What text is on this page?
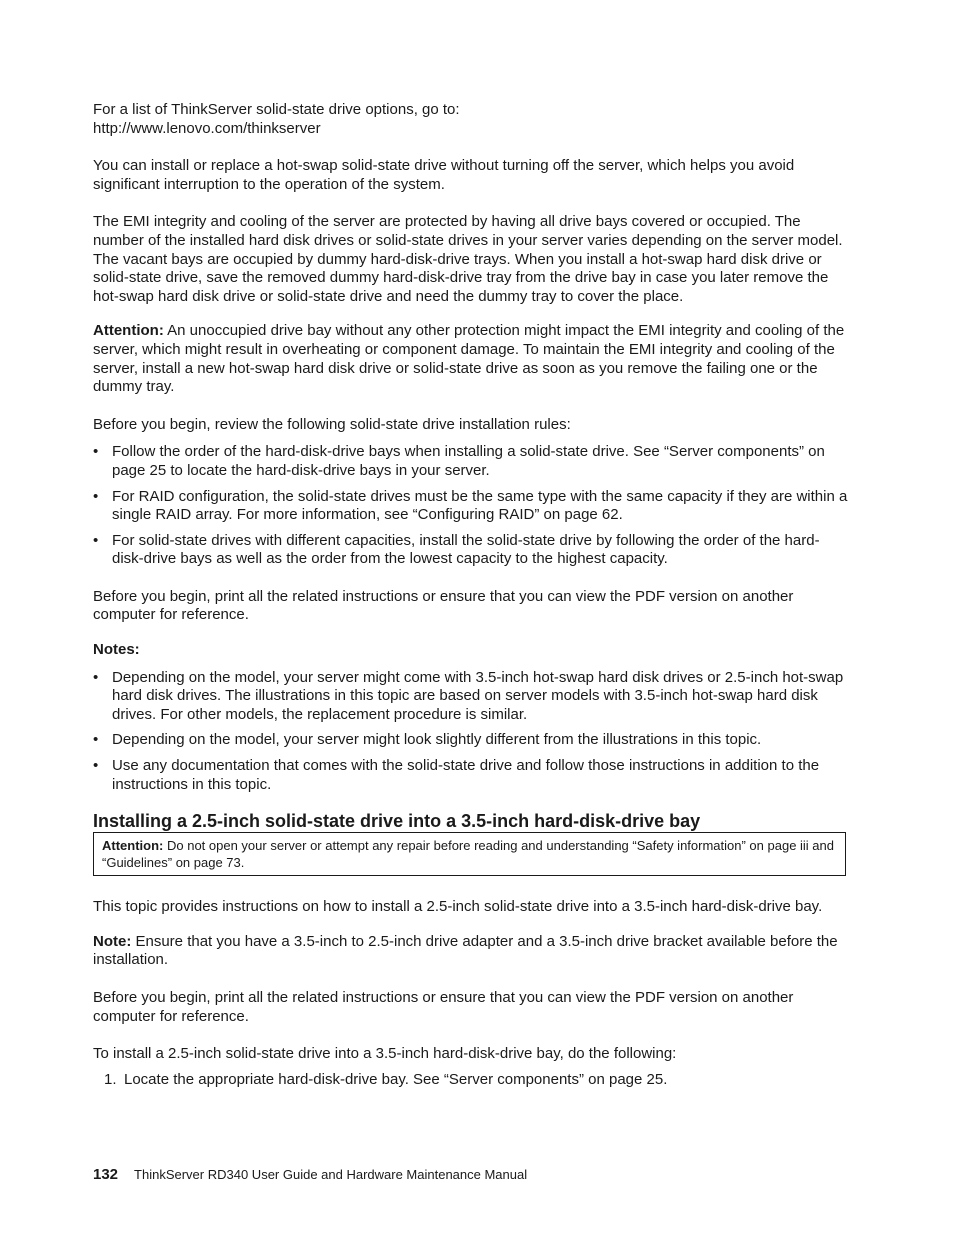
For a list of ThinkServer solid-state drive options, go to:

http://www.lenovo.com/thinkserver

You can install or replace a hot-swap solid-state drive without turning off the server, which helps you avoid significant interruption to the operation of the system.

The EMI integrity and cooling of the server are protected by having all drive bays covered or occupied. The number of the installed hard disk drives or solid-state drives in your server varies depending on the server model. The vacant bays are occupied by dummy hard-disk-drive trays. When you install a hot-swap hard disk drive or solid-state drive, save the removed dummy hard-disk-drive tray from the drive bay in case you later remove the hot-swap hard disk drive or solid-state drive and need the dummy tray to cover the place.

Attention: An unoccupied drive bay without any other protection might impact the EMI integrity and cooling of the server, which might result in overheating or component damage. To maintain the EMI integrity and cooling of the server, install a new hot-swap hard disk drive or solid-state drive as soon as you remove the failing one or the dummy tray.

Before you begin, review the following solid-state drive installation rules:

• Follow the order of the hard-disk-drive bays when installing a solid-state drive. See “Server components” on page 25 to locate the hard-disk-drive bays in your server.
• For RAID configuration, the solid-state drives must be the same type with the same capacity if they are within a single RAID array. For more information, see “Configuring RAID” on page 62.
• For solid-state drives with different capacities, install the solid-state drive by following the order of the hard-disk-drive bays as well as the order from the lowest capacity to the highest capacity.

Before you begin, print all the related instructions or ensure that you can view the PDF version on another computer for reference.

Notes:

• Depending on the model, your server might come with 3.5-inch hot-swap hard disk drives or 2.5-inch hot-swap hard disk drives. The illustrations in this topic are based on server models with 3.5-inch hot-swap hard disk drives. For other models, the replacement procedure is similar.
• Depending on the model, your server might look slightly different from the illustrations in this topic.
• Use any documentation that comes with the solid-state drive and follow those instructions in addition to the instructions in this topic.
Installing a 2.5-inch solid-state drive into a 3.5-inch hard-disk-drive bay
Attention: Do not open your server or attempt any repair before reading and understanding “Safety information” on page iii and “Guidelines” on page 73.

This topic provides instructions on how to install a 2.5-inch solid-state drive into a 3.5-inch hard-disk-drive bay.

Note: Ensure that you have a 3.5-inch to 2.5-inch drive adapter and a 3.5-inch drive bracket available before the installation.

Before you begin, print all the related instructions or ensure that you can view the PDF version on another computer for reference.

To install a 2.5-inch solid-state drive into a 3.5-inch hard-disk-drive bay, do the following:

1. Locate the appropriate hard-disk-drive bay. See “Server components” on page 25.
132 ThinkServer RD340 User Guide and Hardware Maintenance Manual
